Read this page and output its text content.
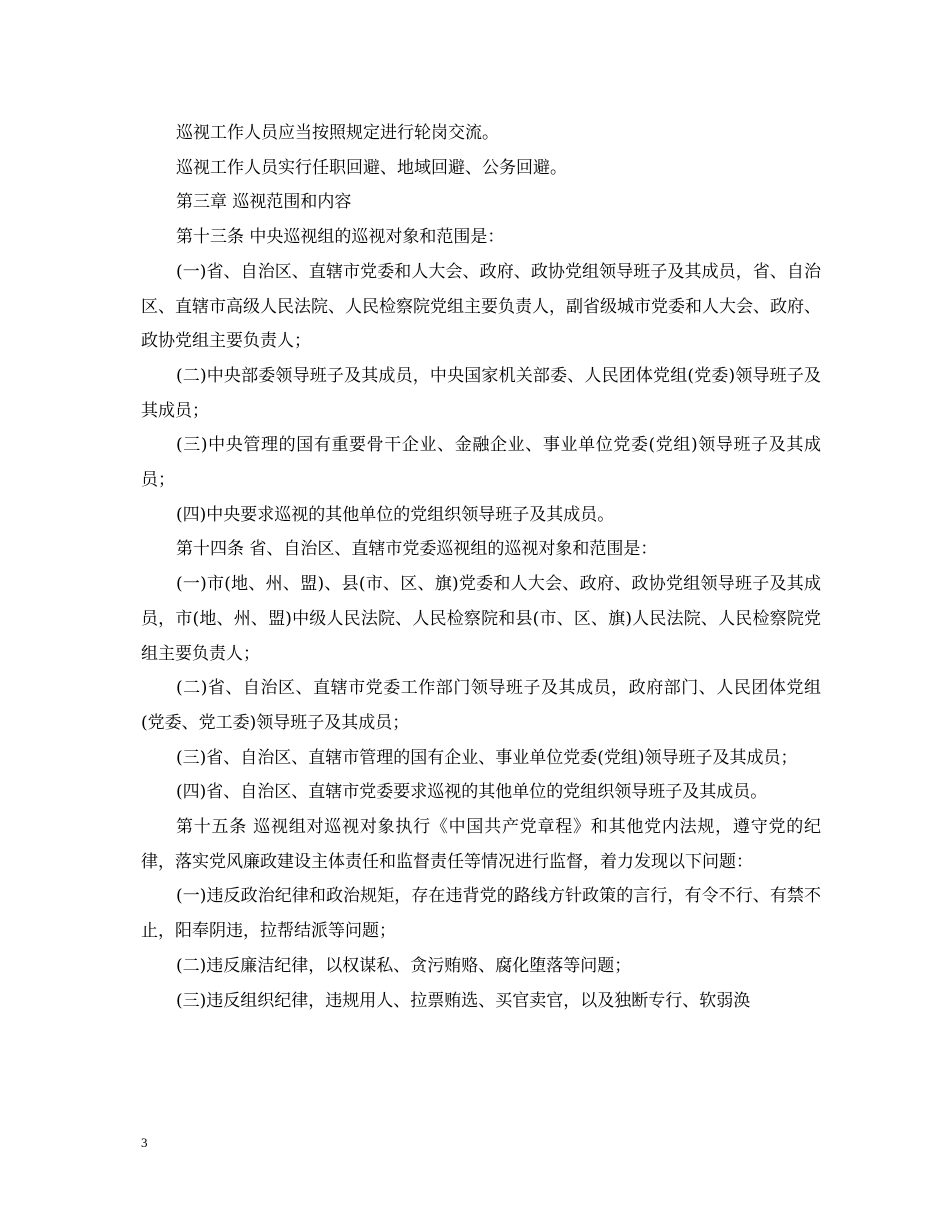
巡视工作人员应当按照规定进行轮岗交流。

巡视工作人员实行任职回避、地域回避、公务回避。

第三章 巡视范围和内容

第十三条 中央巡视组的巡视对象和范围是：

(一)省、自治区、直辖市党委和人大会、政府、政协党组领导班子及其成员，省、自治区、直辖市高级人民法院、人民检察院党组主要负责人，副省级城市党委和人大会、政府、政协党组主要负责人；

(二)中央部委领导班子及其成员，中央国家机关部委、人民团体党组(党委)领导班子及其成员；

(三)中央管理的国有重要骨干企业、金融企业、事业单位党委(党组)领导班子及其成员；

(四)中央要求巡视的其他单位的党组织领导班子及其成员。

第十四条 省、自治区、直辖市党委巡视组的巡视对象和范围是：

(一)市(地、州、盟)、县(市、区、旗)党委和人大会、政府、政协党组领导班子及其成员，市(地、州、盟)中级人民法院、人民检察院和县(市、区、旗)人民法院、人民检察院党组主要负责人；

(二)省、自治区、直辖市党委工作部门领导班子及其成员，政府部门、人民团体党组(党委、党工委)领导班子及其成员；

(三)省、自治区、直辖市管理的国有企业、事业单位党委(党组)领导班子及其成员；

(四)省、自治区、直辖市党委要求巡视的其他单位的党组织领导班子及其成员。

第十五条 巡视组对巡视对象执行《中国共产党章程》和其他党内法规，遵守党的纪律，落实党风廉政建设主体责任和监督责任等情况进行监督，着力发现以下问题：

(一)违反政治纪律和政治规矩，存在违背党的路线方针政策的言行，有令不行、有禁不止，阳奉阴违，拉帮结派等问题；

(二)违反廉洁纪律，以权谋私、贪污贿赂、腐化堕落等问题；

(三)违反组织纪律，违规用人、拉票贿选、买官卖官，以及独断专行、软弱涣

3
